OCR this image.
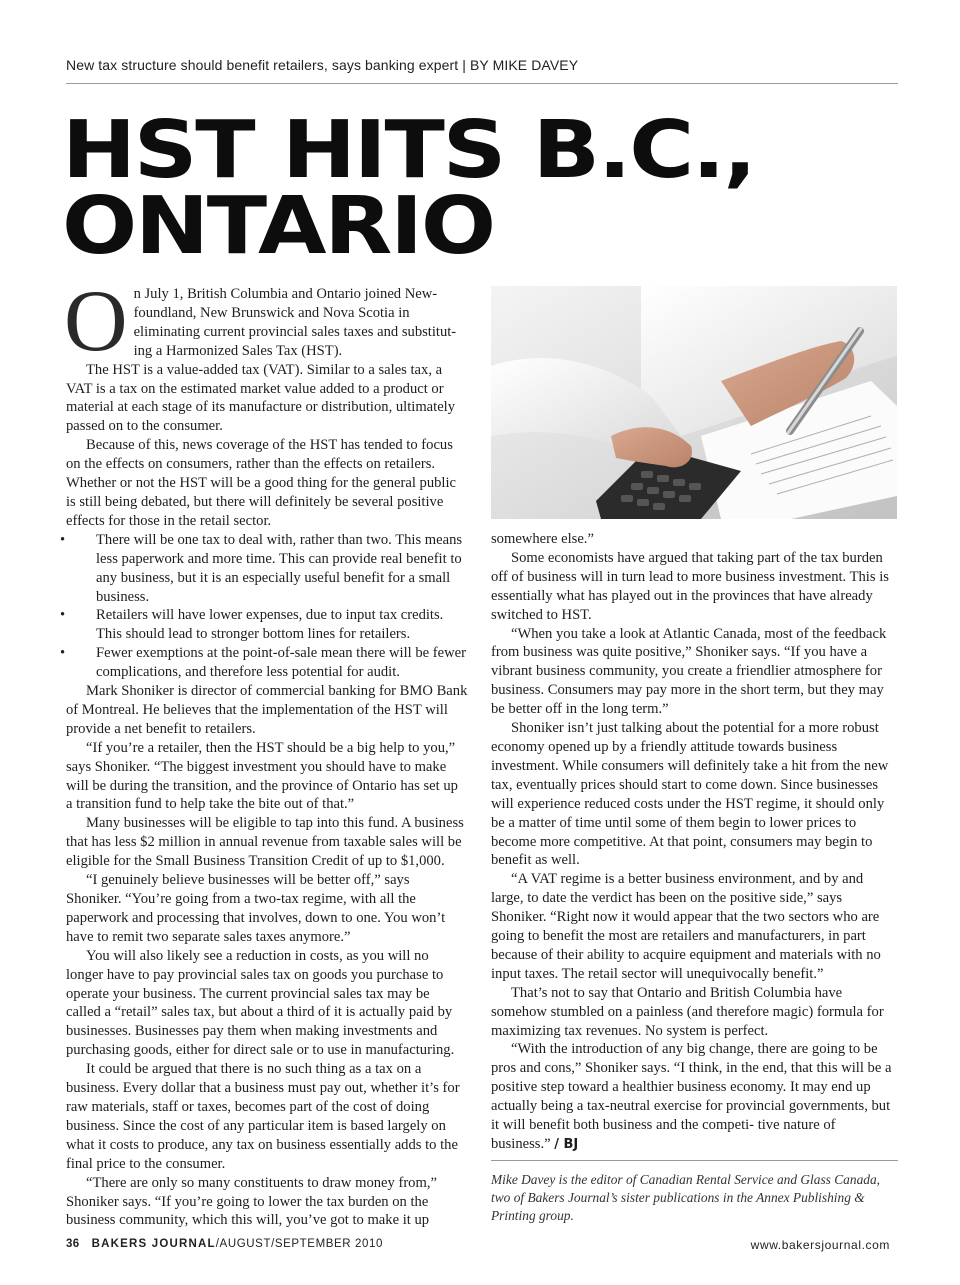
New tax structure should benefit retailers, says banking expert | BY MIKE DAVEY
HST HITS B.C.,
ONTARIO

On July 1, British Columbia and Ontario joined New- foundland, New Brunswick and Nova Scotia in eliminating current provincial sales taxes and substitut- ing a Harmonized Sales Tax (HST).

The HST is a value-added tax (VAT). Similar to a sales tax, a VAT is a tax on the estimated market value added to a product or material at each stage of its manufacture or distribution, ultimately passed on to the consumer.

Because of this, news coverage of the HST has tended to focus on the effects on consumers, rather than the effects on retailers. Whether or not the HST will be a good thing for the general public is still being debated, but there will definitely be several positive effects for those in the retail sector.

• There will be one tax to deal with, rather than two. This means less paperwork and more time. This can provide real benefit to any business, but it is an especially useful benefit for a small business.
• Retailers will have lower expenses, due to input tax credits. This should lead to stronger bottom lines for retailers.
• Fewer exemptions at the point-of-sale mean there will be fewer complications, and therefore less potential for audit.

Mark Shoniker is director of commercial banking for BMO Bank of Montreal. He believes that the implementation of the HST will provide a net benefit to retailers.

“If you’re a retailer, then the HST should be a big help to you,” says Shoniker. “The biggest investment you should have to make will be during the transition, and the province of Ontario has set up a transition fund to help take the bite out of that.”

Many businesses will be eligible to tap into this fund. A business that has less $2 million in annual revenue from taxable sales will be eligible for the Small Business Transition Credit of up to $1,000.

“I genuinely believe businesses will be better off,” says Shoniker. “You’re going from a two-tax regime, with all the paperwork and processing that involves, down to one. You won’t have to remit two separate sales taxes anymore.”

You will also likely see a reduction in costs, as you will no longer have to pay provincial sales tax on goods you purchase to operate your business. The current provincial sales tax may be called a “retail” sales tax, but about a third of it is actually paid by businesses. Businesses pay them when making investments and purchasing goods, either for direct sale or to use in manufacturing.

It could be argued that there is no such thing as a tax on a business. Every dollar that a business must pay out, whether it’s for raw materials, staff or taxes, becomes part of the cost of doing business. Since the cost of any particular item is based largely on what it costs to produce, any tax on business essentially adds to the final price to the consumer.

“There are only so many constituents to draw money from,” Shoniker says. “If you’re going to lower the tax burden on the business community, which this will, you’ve got to make it up

somewhere else.”

Some economists have argued that taking part of the tax burden off of business will in turn lead to more business investment. This is essentially what has played out in the provinces that have already switched to HST.

“When you take a look at Atlantic Canada, most of the feedback from business was quite positive,” Shoniker says. “If you have a vibrant business community, you create a friendlier atmosphere for business. Consumers may pay more in the short term, but they may be better off in the long term.”

Shoniker isn’t just talking about the potential for a more robust economy opened up by a friendly attitude towards business investment. While consumers will definitely take a hit from the new tax, eventually prices should start to come down. Since businesses will experience reduced costs under the HST regime, it should only be a matter of time until some of them begin to lower prices to become more competitive. At that point, consumers may begin to benefit as well.

“A VAT regime is a better business environment, and by and large, to date the verdict has been on the positive side,” says Shoniker. “Right now it would appear that the two sectors who are going to benefit the most are retailers and manufacturers, in part because of their ability to acquire equipment and materials with no input taxes. The retail sector will unequivocally benefit.”

That’s not to say that Ontario and British Columbia have somehow stumbled on a painless (and therefore magic) formula for maximizing tax revenues. No system is perfect.

“With the introduction of any big change, there are going to be pros and cons,” Shoniker says. “I think, in the end, that this will be a positive step toward a healthier business economy. It may end up actually being a tax-neutral exercise for provincial governments, but it will benefit both business and the competi- tive nature of business.” / BJ

Mike Davey is the editor of Canadian Rental Service and Glass Canada, two of Bakers Journal’s sister publications in the Annex Publishing & Printing group.

36 BAKERS JOURNAL/AUGUST/SEPTEMBER 2010	www.bakersjournal.com
